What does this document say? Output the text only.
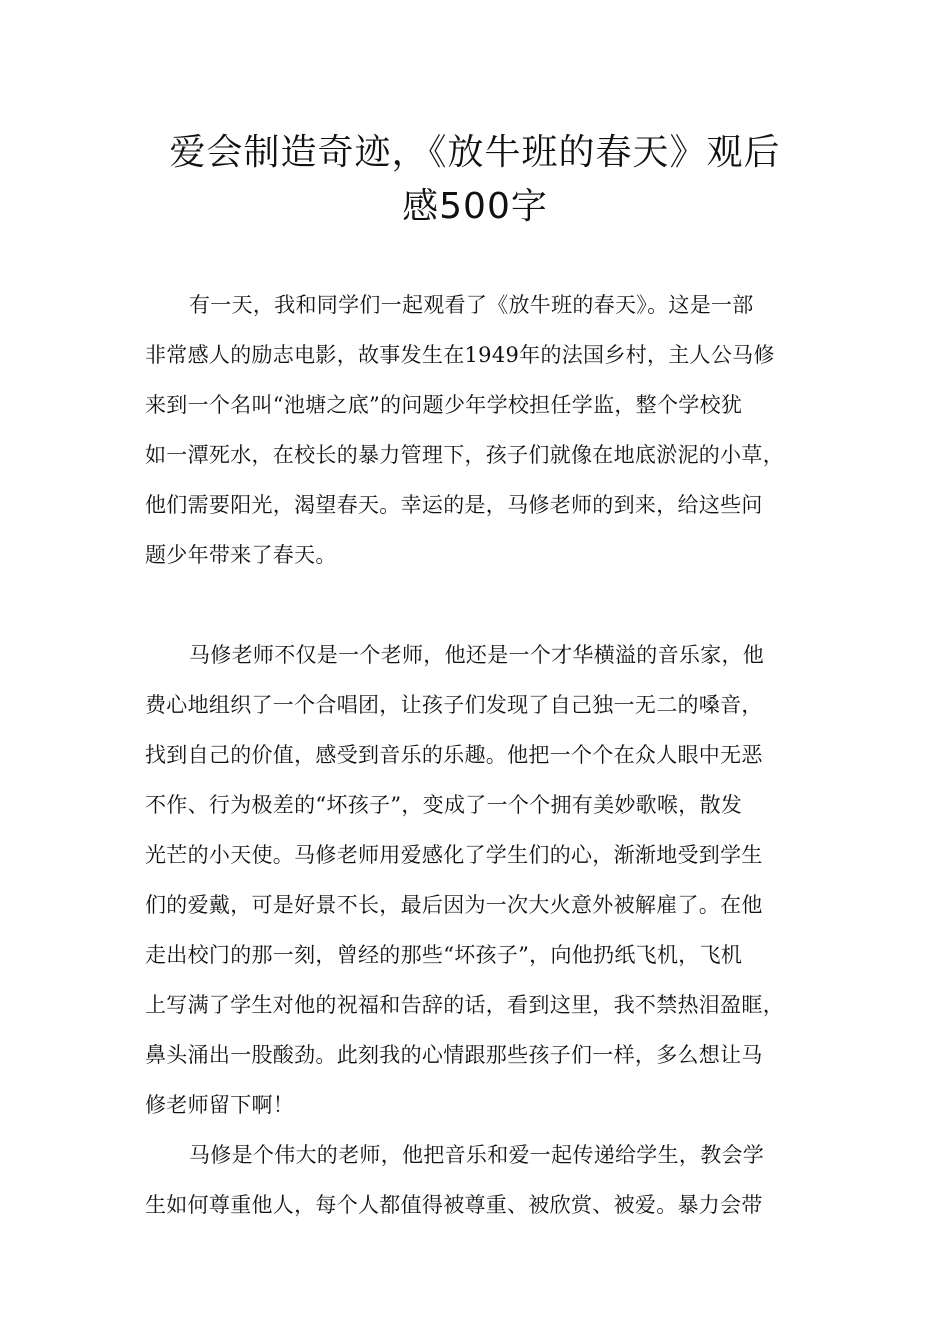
爱会制造奇迹，《放牛班的春天》观后
感500字
有一天，我和同学们一起观看了《放牛班的春天》。这是一部
非常感人的励志电影，故事发生在1949年的法国乡村，主人公马修
来到一个名叫“池塘之底”的问题少年学校担任学监，整个学校犹
如一潭死水，在校长的暴力管理下，孩子们就像在地底淤泥的小草，
他们需要阳光，渴望春天。幸运的是，马修老师的到来，给这些问
题少年带来了春天。
马修老师不仅是一个老师，他还是一个才华横溢的音乐家，他
费心地组织了一个合唱团，让孩子们发现了自己独一无二的嗓音，
找到自己的价值，感受到音乐的乐趣。他把一个个在众人眼中无恶
不作、行为极差的“坏孩子”，变成了一个个拥有美妙歌喉，散发
光芒的小天使。马修老师用爱感化了学生们的心，渐渐地受到学生
们的爱戴，可是好景不长，最后因为一次大火意外被解雇了。在他
走出校门的那一刻，曾经的那些“坏孩子”，向他扔纸飞机，飞机
上写满了学生对他的祝福和告辞的话，看到这里，我不禁热泪盈眶，
鼻头涌出一股酸劲。此刻我的心情跟那些孩子们一样，多么想让马
修老师留下啊！
马修是个伟大的老师，他把音乐和爱一起传递给学生，教会学
生如何尊重他人，每个人都值得被尊重、被欣赏、被爱。暴力会带
